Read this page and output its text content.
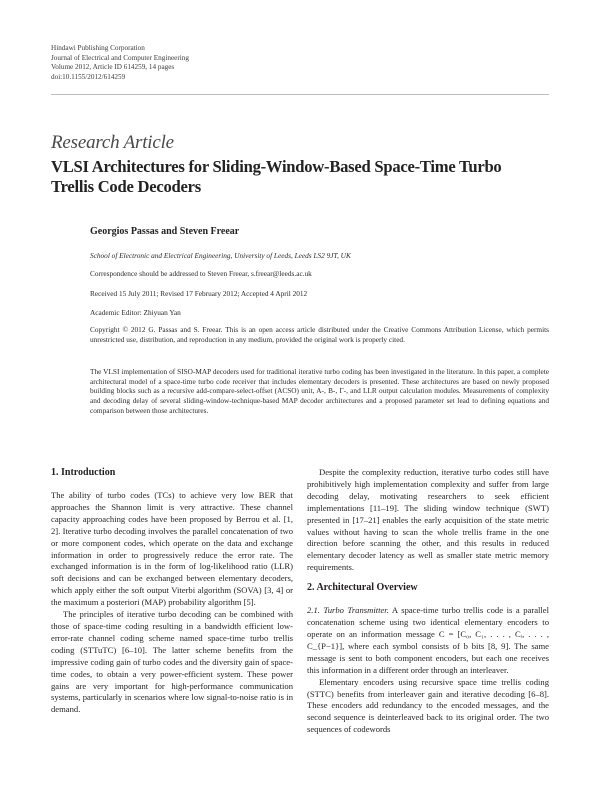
Hindawi Publishing Corporation
Journal of Electrical and Computer Engineering
Volume 2012, Article ID 614259, 14 pages
doi:10.1155/2012/614259
Research Article
VLSI Architectures for Sliding-Window-Based Space-Time Turbo Trellis Code Decoders
Georgios Passas and Steven Freear
School of Electronic and Electrical Engineering, University of Leeds, Leeds LS2 9JT, UK
Correspondence should be addressed to Steven Freear, s.freear@leeds.ac.uk
Received 15 July 2011; Revised 17 February 2012; Accepted 4 April 2012
Academic Editor: Zhiyuan Yan
Copyright © 2012 G. Passas and S. Freear. This is an open access article distributed under the Creative Commons Attribution License, which permits unrestricted use, distribution, and reproduction in any medium, provided the original work is properly cited.
The VLSI implementation of SISO-MAP decoders used for traditional iterative turbo coding has been investigated in the literature. In this paper, a complete architectural model of a space-time turbo code receiver that includes elementary decoders is presented. These architectures are based on newly proposed building blocks such as a recursive add-compare-select-offset (ACSO) unit, A-, B-, Γ-, and LLR output calculation modules. Measurements of complexity and decoding delay of several sliding-window-technique-based MAP decoder architectures and a proposed parameter set lead to defining equations and comparison between those architectures.
1. Introduction

The ability of turbo codes (TCs) to achieve very low BER that approaches the Shannon limit is very attractive. These channel capacity approaching codes have been proposed by Berrou et al. [1, 2]. Iterative turbo decoding involves the parallel concatenation of two or more component codes, which operate on the data and exchange information in order to progressively reduce the error rate. The exchanged information is in the form of log-likelihood ratio (LLR) soft decisions and can be exchanged between elementary decoders, which apply either the soft output Viterbi algorithm (SOVA) [3, 4] or the maximum a posteriori (MAP) probability algorithm [5].

The principles of iterative turbo decoding can be combined with those of space-time coding resulting in a bandwidth efficient low-error-rate channel coding scheme named space-time turbo trellis coding (STTuTC) [6–10]. The latter scheme benefits from the impressive coding gain of turbo codes and the diversity gain of space-time codes, to obtain a very power-efficient system. These power gains are very important for high-performance communication systems, particularly in scenarios where low signal-to-noise ratio is in demand.

Despite the complexity reduction, iterative turbo codes still have prohibitively high implementation complexity and suffer from large decoding delay, motivating researchers to seek efficient implementations [11–19]. The sliding window technique (SWT) presented in [17–21] enables the early acquisition of the state metric values without having to scan the whole trellis frame in the one direction before scanning the other, and this results in reduced elementary decoder latency as well as smaller state metric memory requirements.

2. Architectural Overview

2.1. Turbo Transmitter. A space-time turbo trellis code is a parallel concatenation scheme using two identical elementary encoders to operate on an information message C = [C₀, C₁, . . . , Cᵢ, . . . , C_{P−1}], where each symbol consists of b bits [8, 9]. The same message is sent to both component encoders, but each one receives this information in a different order through an interleaver.

Elementary encoders using recursive space time trellis coding (STTC) benefits from interleaver gain and iterative decoding [6–8]. These encoders add redundancy to the encoded messages, and the second sequence is deinterleaved back to its original order. The two sequences of codewords
